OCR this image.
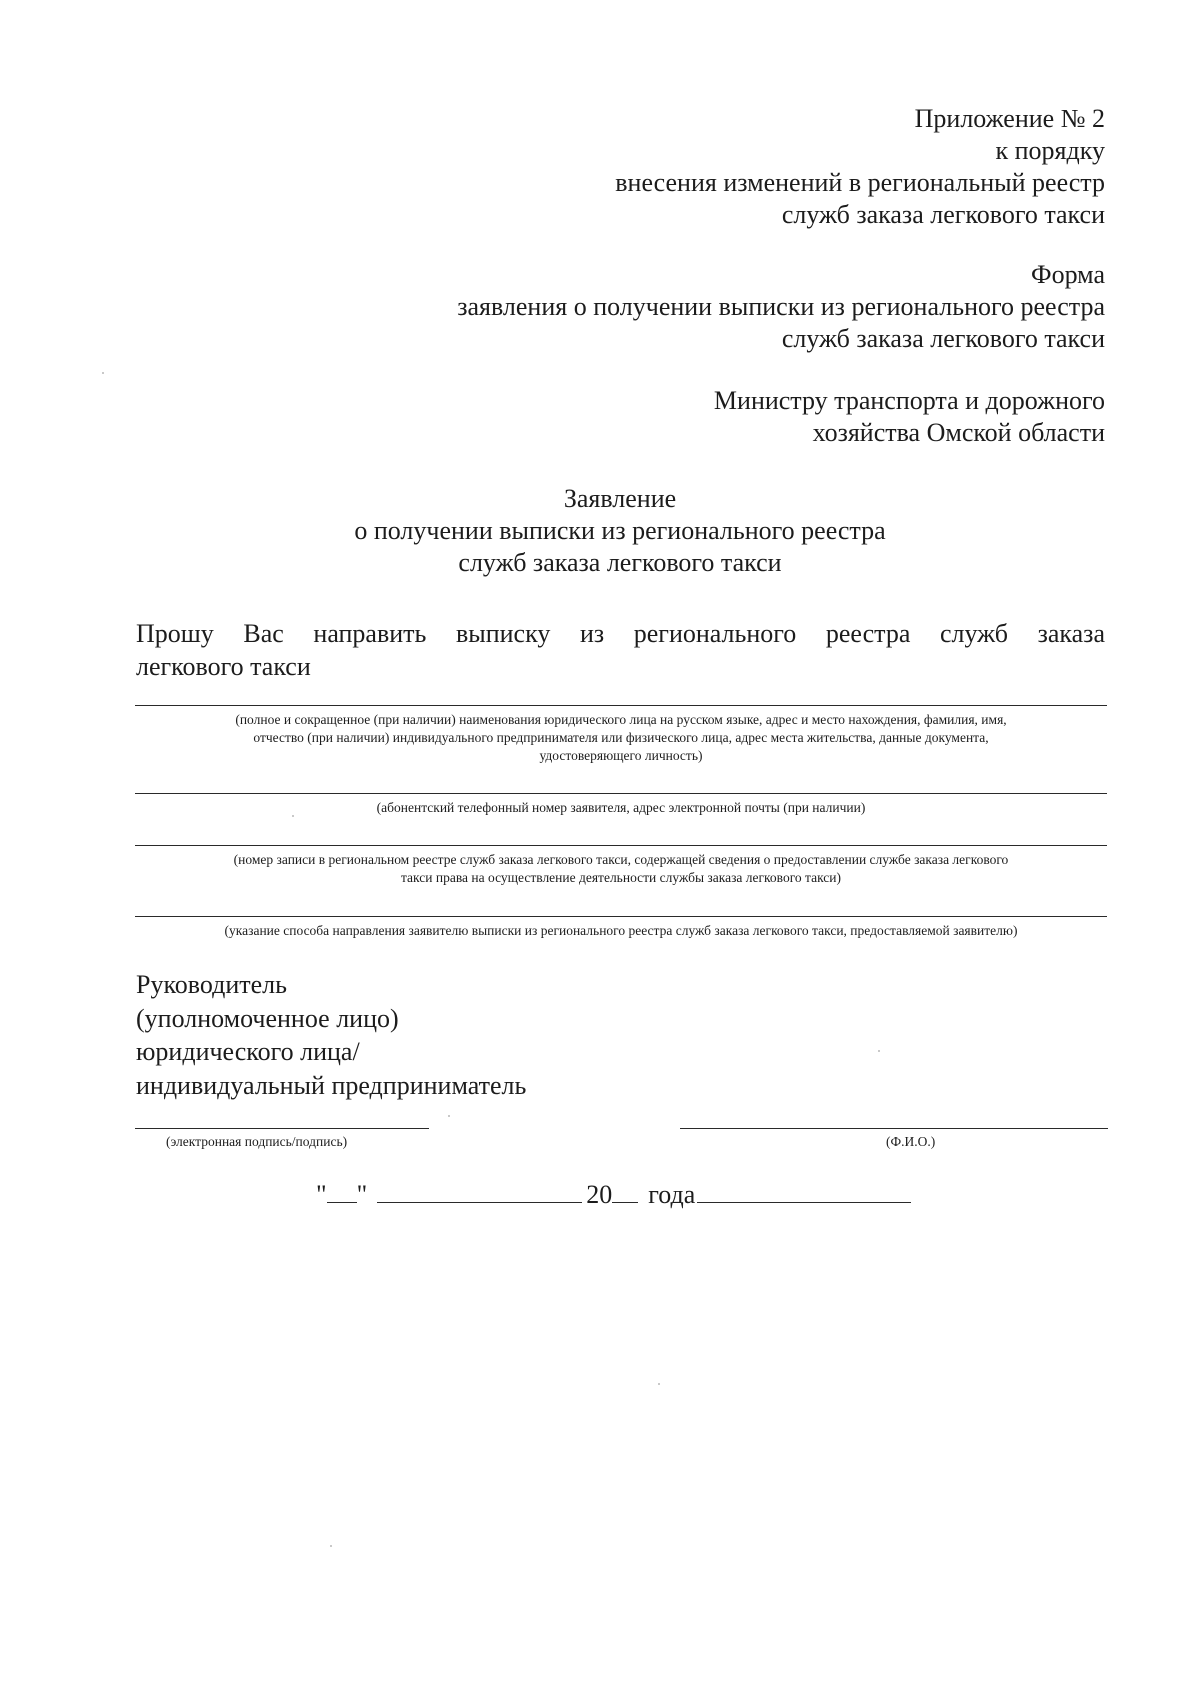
Приложение № 2
к порядку
внесения изменений в региональный реестр
служб заказа легкового такси
Форма
заявления о получении выписки из регионального реестра
служб заказа легкового такси
Министру транспорта и дорожного
хозяйства Омской области
Заявление
о получении выписки из регионального реестра
служб заказа легкового такси
Прошу Вас направить выписку из регионального реестра служб заказа
легкового такси
(полное и сокращенное (при наличии) наименования юридического лица на русском языке, адрес и место нахождения, фамилия, имя,
отчество (при наличии) индивидуального предпринимателя или физического лица, адрес места жительства, данные документа,
удостоверяющего личность)
(абонентский телефонный номер заявителя, адрес электронной почты (при наличии)
(номер записи в региональном реестре служб заказа легкового такси, содержащей сведения о предоставлении службе заказа легкового
такси права на осуществление деятельности службы заказа легкового такси)
(указание способа направления заявителю выписки из регионального реестра служб заказа легкового такси, предоставляемой заявителю)
Руководитель
(уполномоченное лицо)
юридического лица/
индивидуальный предприниматель
(электронная подпись/подпись)	(Ф.И.О.)
" "	20 года
